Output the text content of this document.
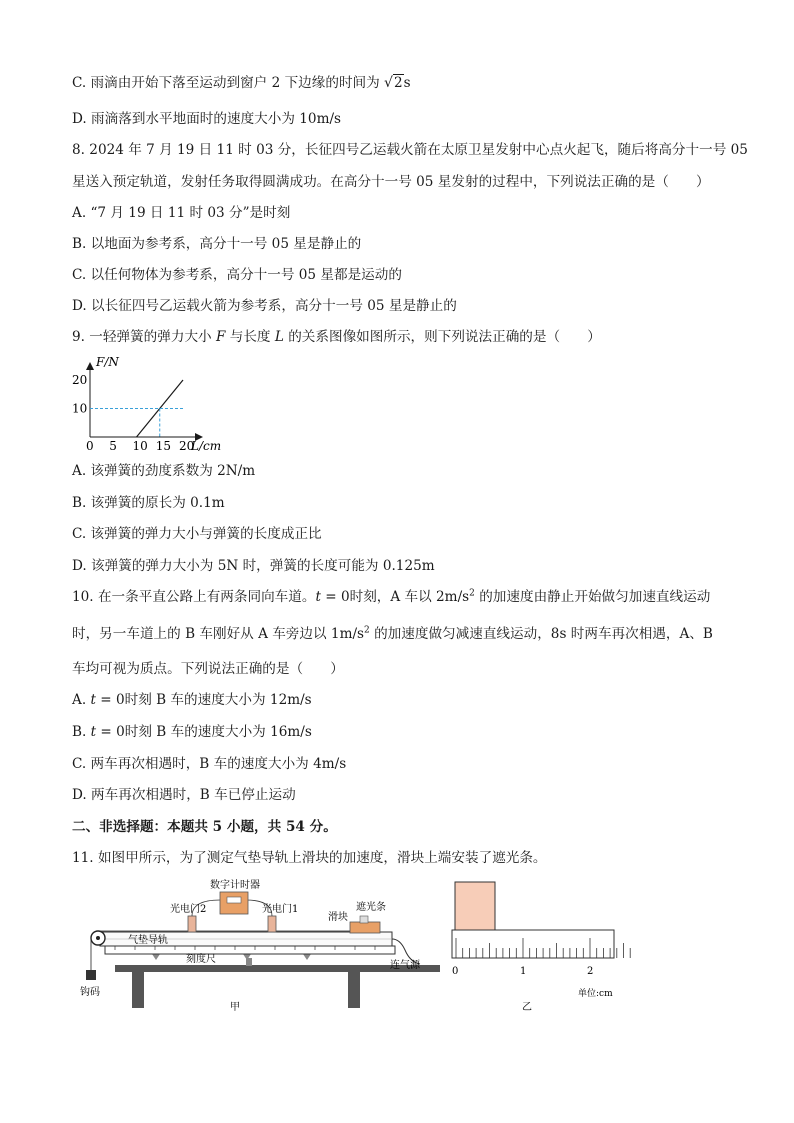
C. 雨滴由开始下落至运动到窗户 2 下边缘的时间为 √2s
D. 雨滴落到水平地面时的速度大小为 10m/s
8. 2024 年 7 月 19 日 11 时 03 分，长征四号乙运载火箭在太原卫星发射中心点火起飞，随后将高分十一号 05
星送入预定轨道，发射任务取得圆满成功。在高分十一号 05 星发射的过程中，下列说法正确的是（　　）
A. “7 月 19 日 11 时 03 分”是时刻
B. 以地面为参考系，高分十一号 05 星是静止的
C. 以任何物体为参考系，高分十一号 05 星都是运动的
D. 以长征四号乙运载火箭为参考系，高分十一号 05 星是静止的
9. 一轻弹簧的弹力大小 F 与长度 L 的关系图像如图所示，则下列说法正确的是（　　）
0 5 10 15 20
20
10
F/N
L/cm
A. 该弹簧的劲度系数为 2N/m
B. 该弹簧的原长为 0.1m
C. 该弹簧的弹力大小与弹簧的长度成正比
D. 该弹簧的弹力大小为 5N 时，弹簧的长度可能为 0.125m
10. 在一条平直公路上有两条同向车道。t = 0时刻，A 车以 $2m/s^2$ 的加速度由静止开始做匀加速直线运动
时，另一车道上的 B 车刚好从 A 车旁边以 $1m/s^2$ 的加速度做匀减速直线运动，8s 时两车再次相遇，A、B
车均可视为质点。下列说法正确的是（　　）
A. t = 0时刻 B 车的速度大小为 12m/s
B. t = 0时刻 B 车的速度大小为 16m/s
C. 两车再次相遇时，B 车的速度大小为 4m/s
D. 两车再次相遇时，B 车已停止运动
二、非选择题：本题共 5 小题，共 54 分。
11. 如图甲所示，为了测定气垫导轨上滑块的加速度，滑块上端安装了遮光条。
数字计时器
光电门2	光电门1
滑块
遮光条
气垫导轨
刻度尺
连气源
钩码
甲
0	1	2
单位:cm
乙
